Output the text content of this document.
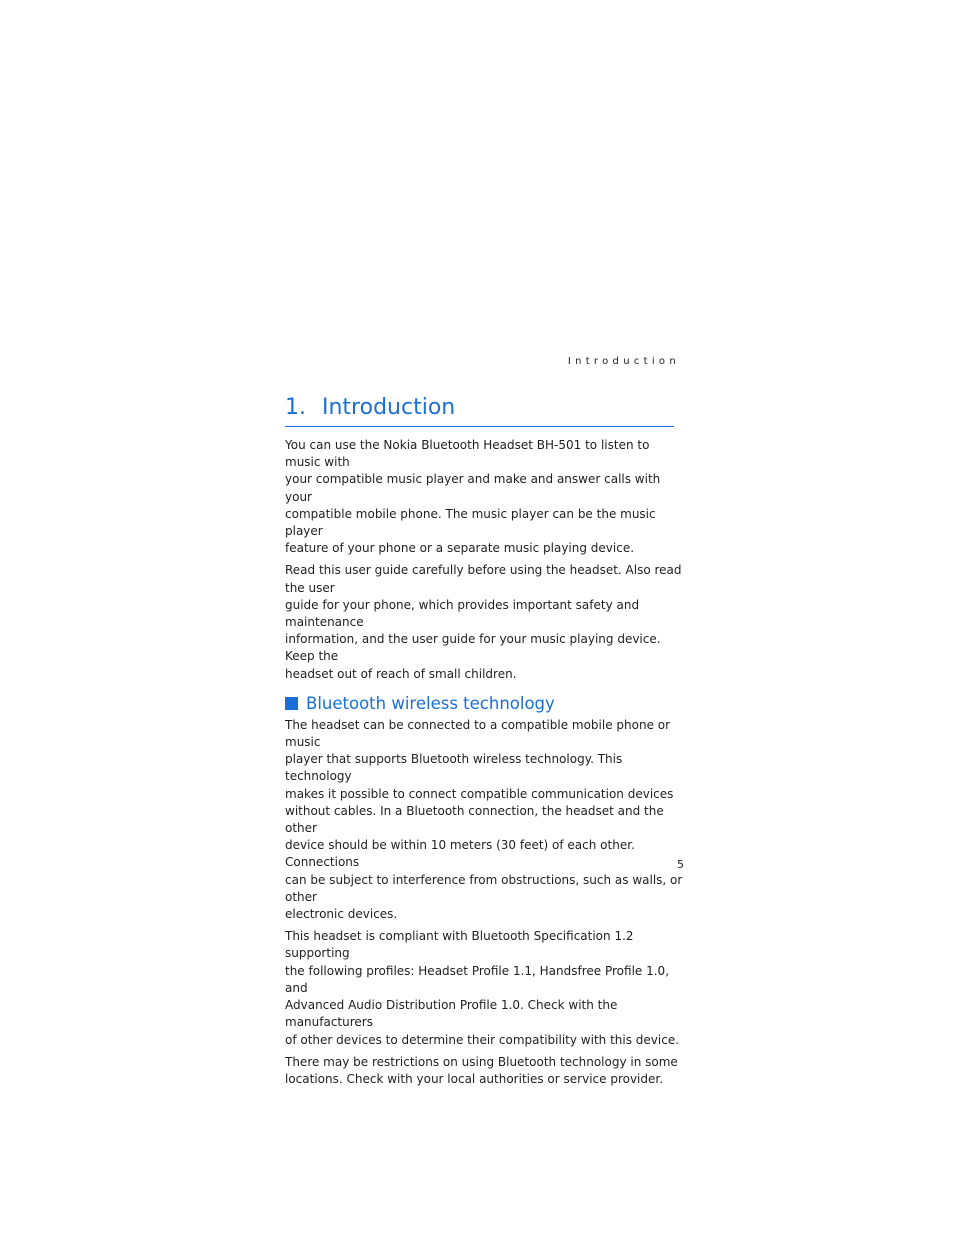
Introduction
1. Introduction

You can use the Nokia Bluetooth Headset BH-501 to listen to music with
your compatible music player and make and answer calls with your
compatible mobile phone. The music player can be the music player
feature of your phone or a separate music playing device.

Read this user guide carefully before using the headset. Also read the user
guide for your phone, which provides important safety and maintenance
information, and the user guide for your music playing device. Keep the
headset out of reach of small children.

Bluetooth wireless technology

The headset can be connected to a compatible mobile phone or music
player that supports Bluetooth wireless technology. This technology
makes it possible to connect compatible communication devices
without cables. In a Bluetooth connection, the headset and the other
device should be within 10 meters (30 feet) of each other. Connections
can be subject to interference from obstructions, such as walls, or other
electronic devices.

This headset is compliant with Bluetooth Specification 1.2 supporting
the following profiles: Headset Profile 1.1, Handsfree Profile 1.0, and
Advanced Audio Distribution Profile 1.0. Check with the manufacturers
of other devices to determine their compatibility with this device.

There may be restrictions on using Bluetooth technology in some
locations. Check with your local authorities or service provider.

5
